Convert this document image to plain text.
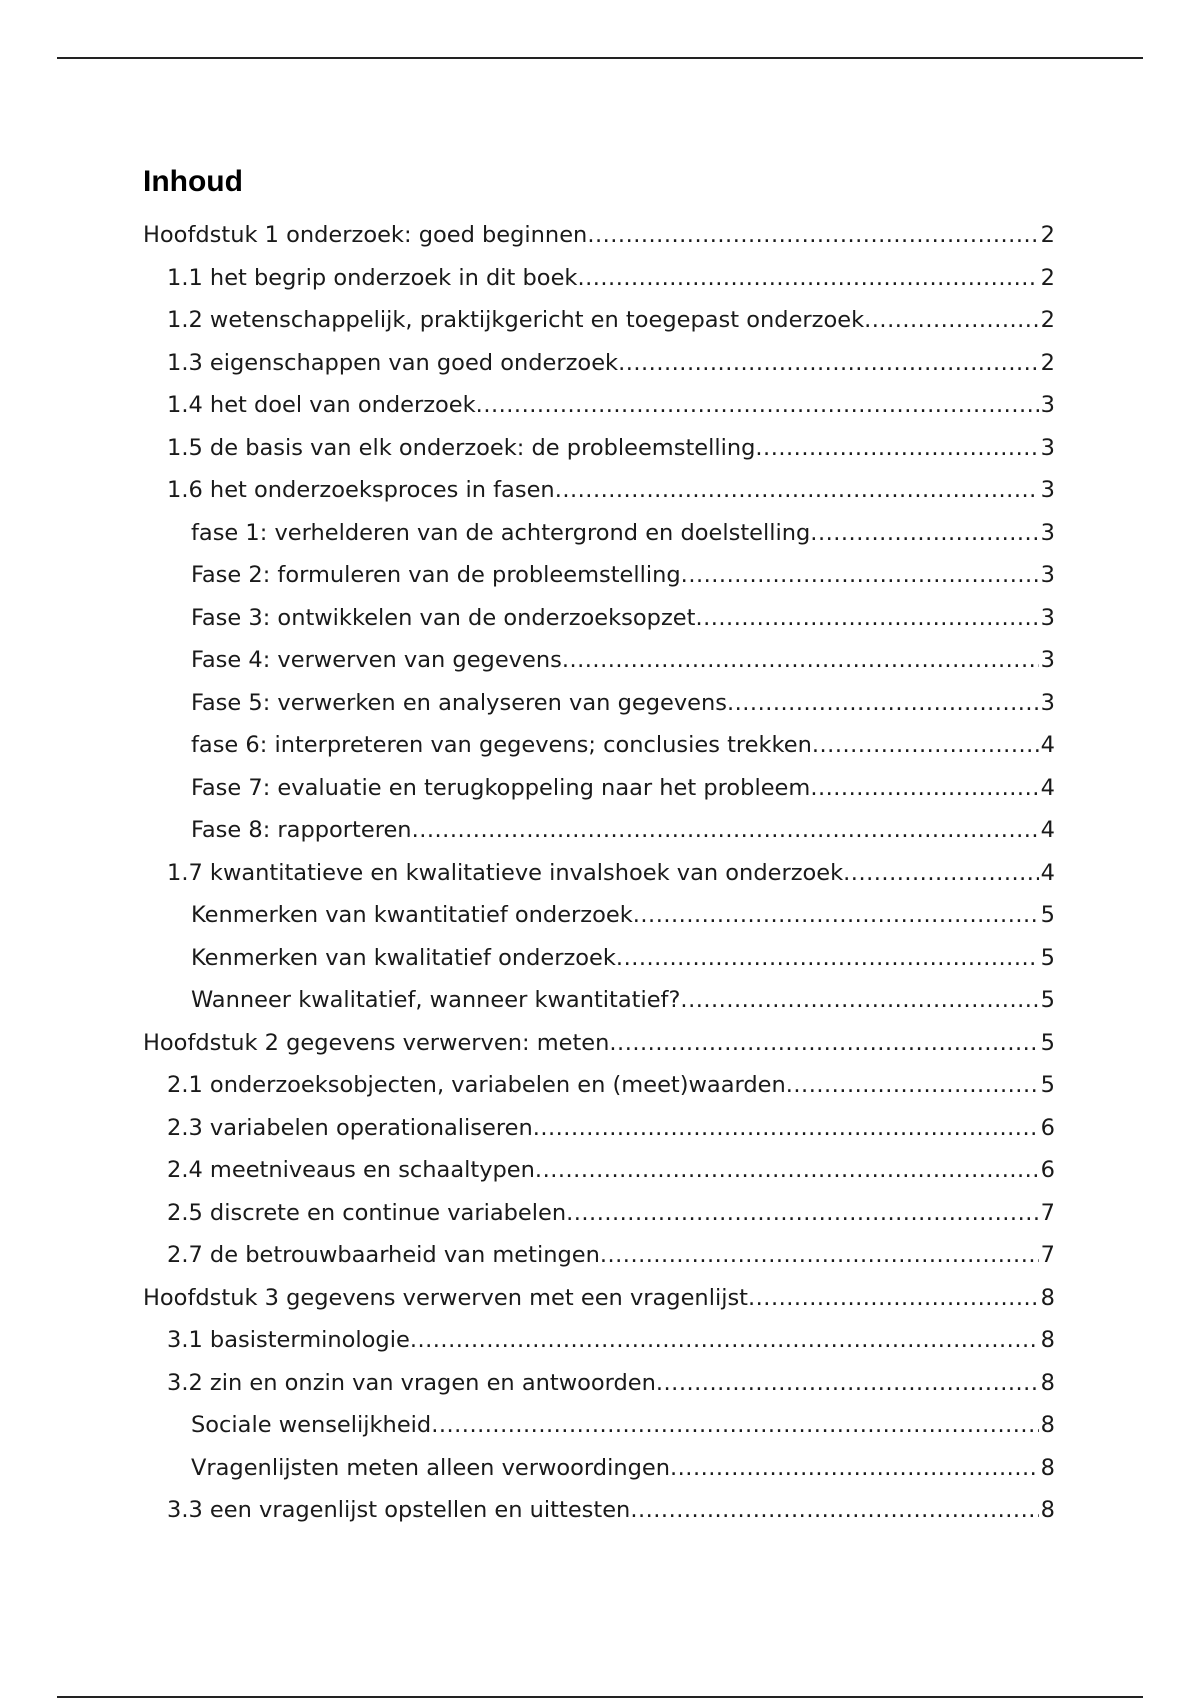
Inhoud
Hoofdstuk 1 onderzoek: goed beginnen .....	2
1.1 het begrip onderzoek in dit boek .....	2
1.2 wetenschappelijk, praktijkgericht en toegepast onderzoek .....	2
1.3 eigenschappen van goed onderzoek .....	2
1.4 het doel van onderzoek .....	3
1.5 de basis van elk onderzoek: de probleemstelling .....	3
1.6 het onderzoeksproces in fasen .....	3
fase 1: verhelderen van de achtergrond en doelstelling .....	3
Fase 2: formuleren van de probleemstelling .....	3
Fase 3: ontwikkelen van de onderzoeksopzet .....	3
Fase 4: verwerven van gegevens .....	3
Fase 5: verwerken en analyseren van gegevens .....	3
fase 6: interpreteren van gegevens; conclusies trekken .....	4
Fase 7: evaluatie en terugkoppeling naar het probleem .....	4
Fase 8: rapporteren .....	4
1.7 kwantitatieve en kwalitatieve invalshoek van onderzoek .....	4
Kenmerken van kwantitatief onderzoek .....	5
Kenmerken van kwalitatief onderzoek .....	5
Wanneer kwalitatief, wanneer kwantitatief? .....	5
Hoofdstuk 2 gegevens verwerven: meten .....	5
2.1 onderzoeksobjecten, variabelen en (meet)waarden .....	5
2.3 variabelen operationaliseren .....	6
2.4 meetniveaus en schaaltypen .....	6
2.5 discrete en continue variabelen .....	7
2.7 de betrouwbaarheid van metingen .....	7
Hoofdstuk 3 gegevens verwerven met een vragenlijst .....	8
3.1 basisterminologie .....	8
3.2 zin en onzin van vragen en antwoorden .....	8
Sociale wenselijkheid .....	8
Vragenlijsten meten alleen verwoordingen .....	8
3.3 een vragenlijst opstellen en uittesten .....	8
